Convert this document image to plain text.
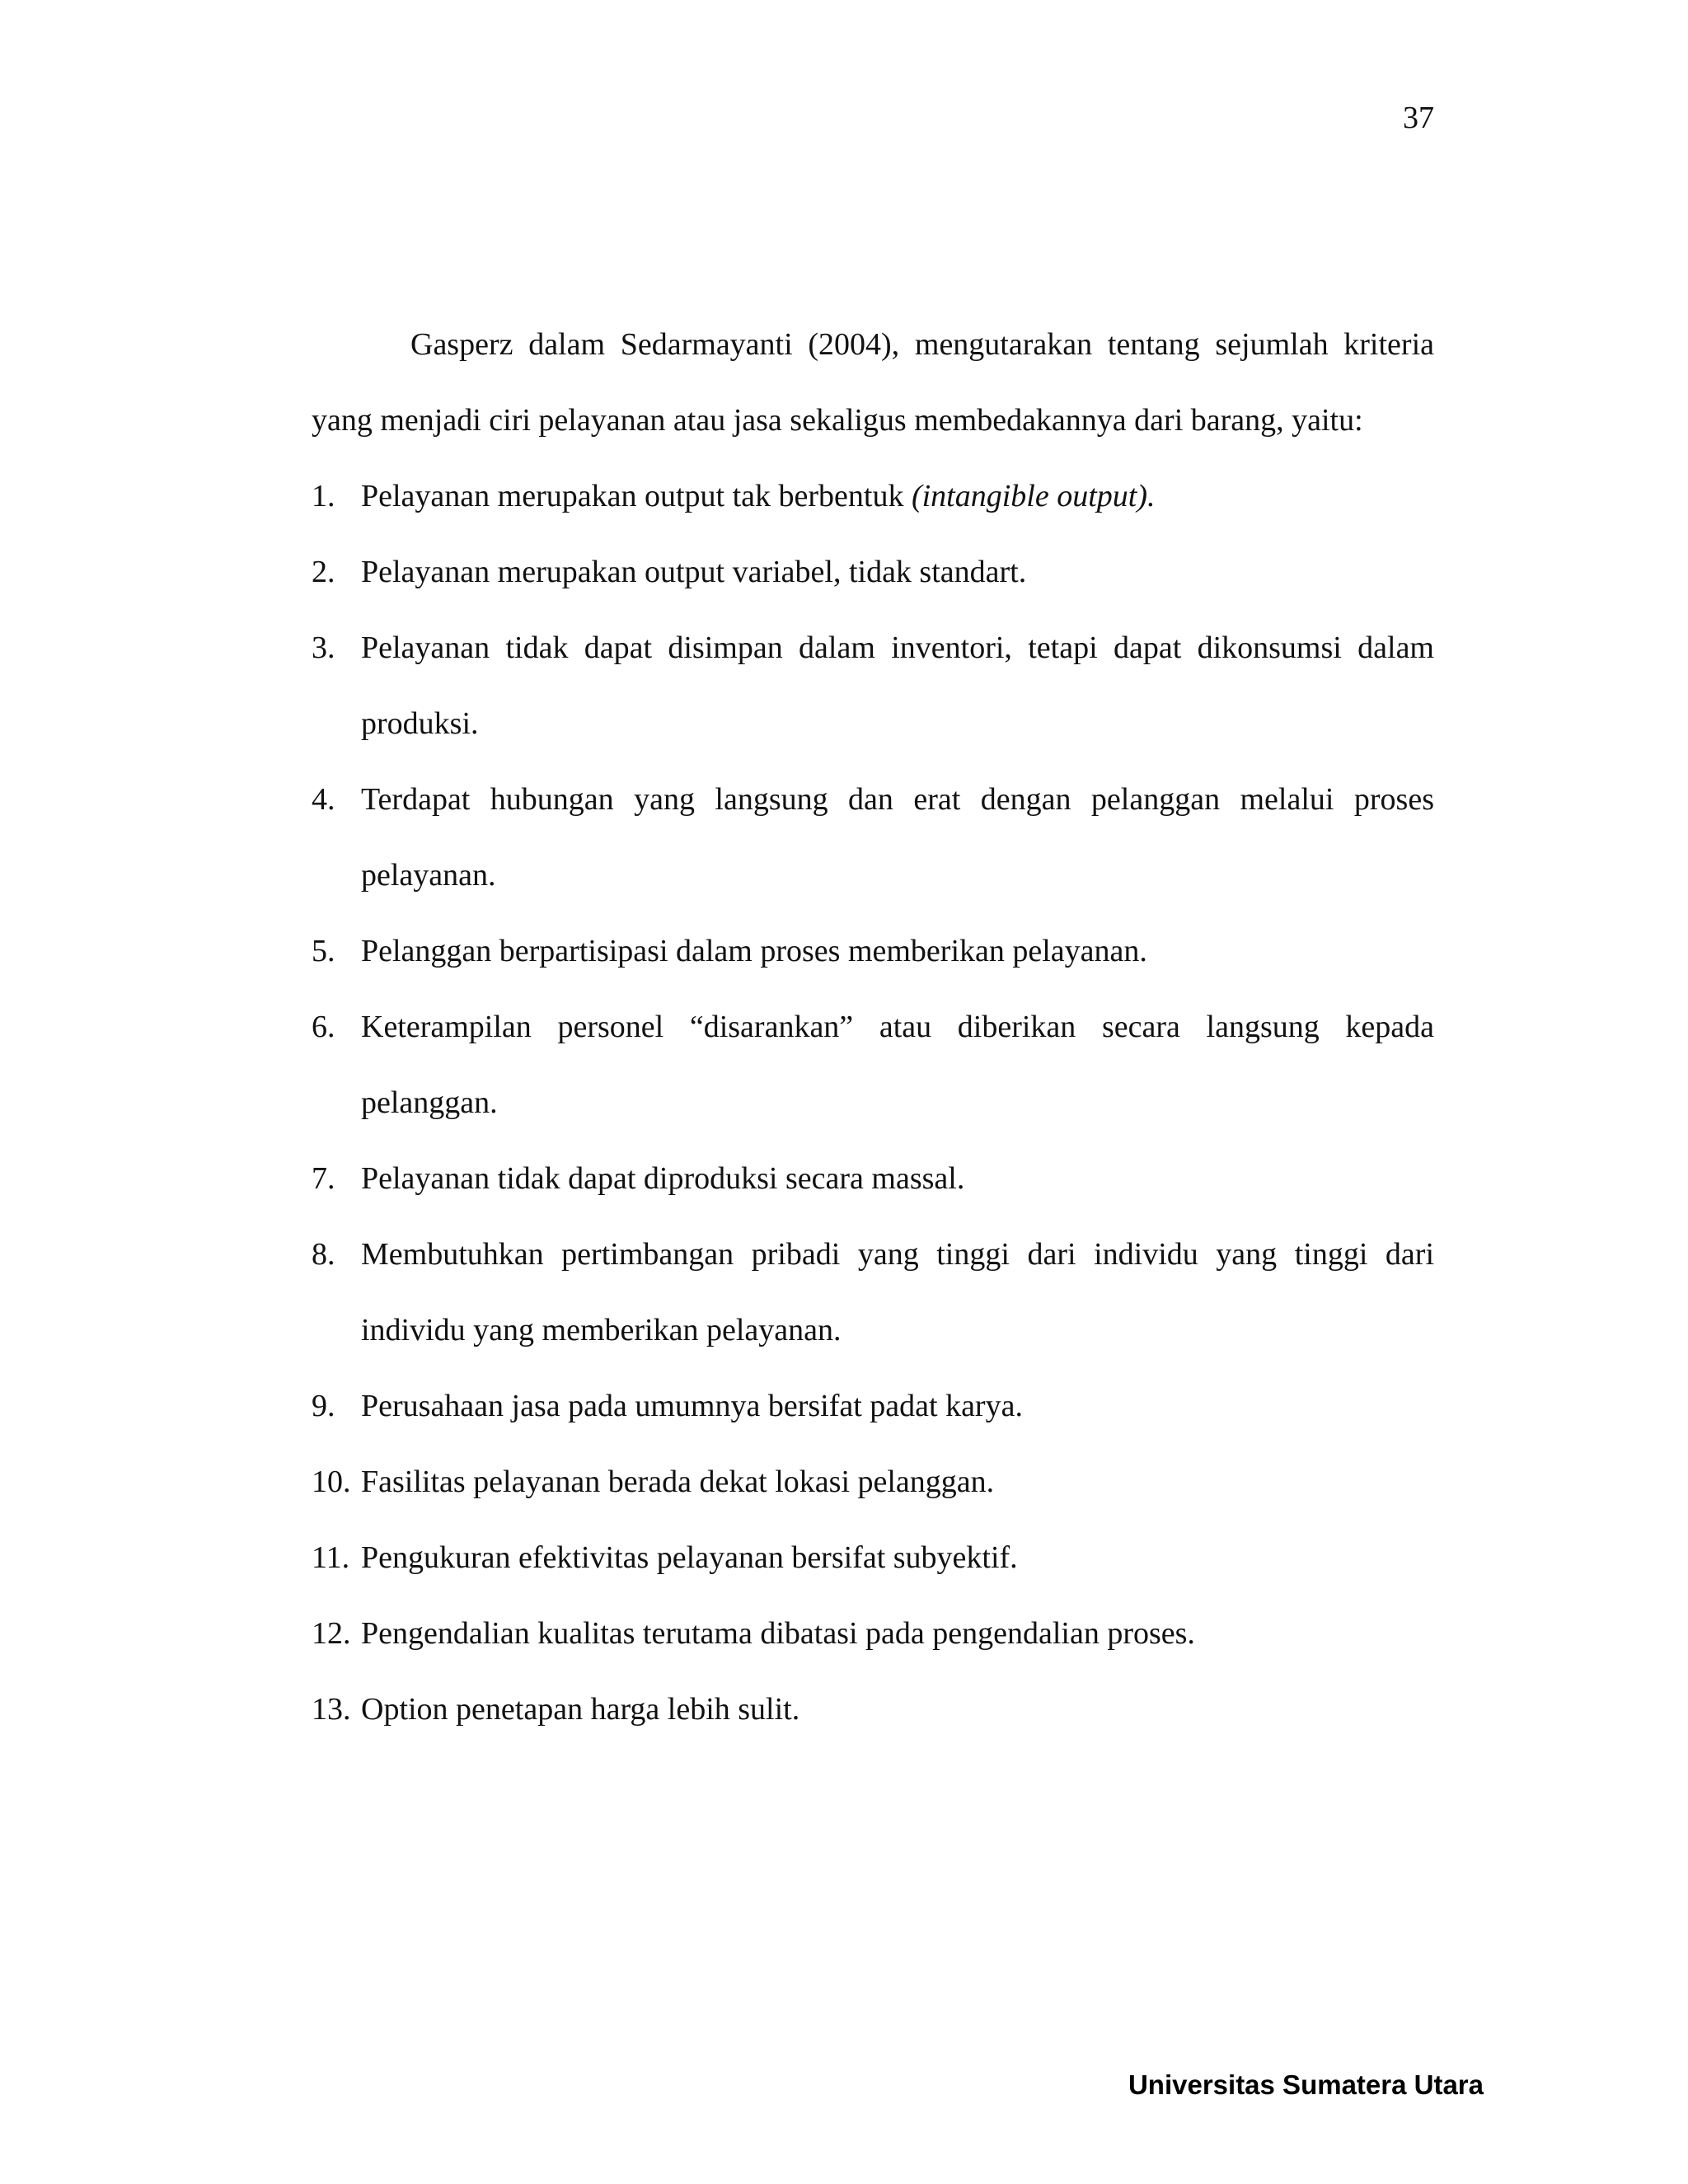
37

Gasperz dalam Sedarmayanti (2004), mengutarakan tentang sejumlah kriteria yang menjadi ciri pelayanan atau jasa sekaligus membedakannya dari barang, yaitu:

1. Pelayanan merupakan output tak berbentuk (intangible output).
2. Pelayanan merupakan output variabel, tidak standart.
3. Pelayanan tidak dapat disimpan dalam inventori, tetapi dapat dikonsumsi dalam produksi.
4. Terdapat hubungan yang langsung dan erat dengan pelanggan melalui proses pelayanan.
5. Pelanggan berpartisipasi dalam proses memberikan pelayanan.
6. Keterampilan personel “disarankan” atau diberikan secara langsung kepada pelanggan.
7. Pelayanan tidak dapat diproduksi secara massal.
8. Membutuhkan pertimbangan pribadi yang tinggi dari individu yang tinggi dari individu yang memberikan pelayanan.
9. Perusahaan jasa pada umumnya bersifat padat karya.
10. Fasilitas pelayanan berada dekat lokasi pelanggan.
11. Pengukuran efektivitas pelayanan bersifat subyektif.
12. Pengendalian kualitas terutama dibatasi pada pengendalian proses.
13. Option penetapan harga lebih sulit.
Universitas Sumatera Utara
